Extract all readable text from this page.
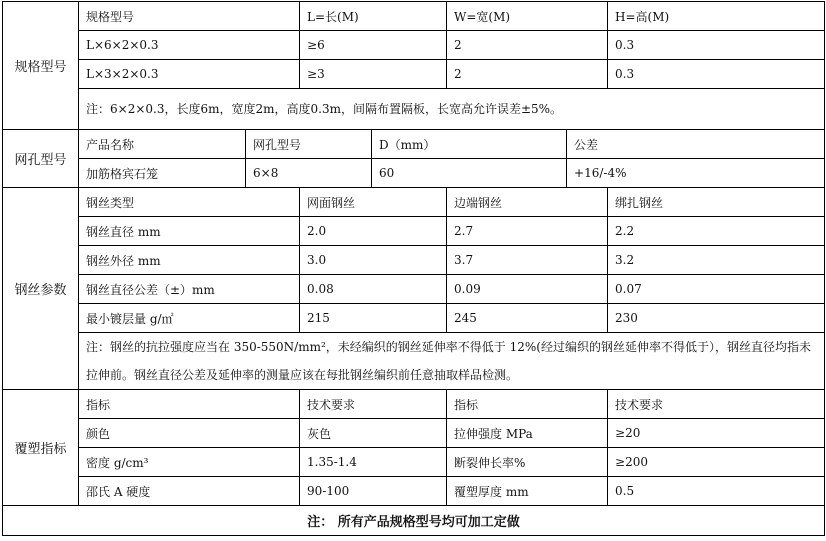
规格型号	规格型号		L=长(M)		W=宽(M)		H=高(M)	
	L×6×2×0.3		≥6		2		0.3	
	L×3×2×0.3		≥3		2		0.3	
	注：6×2×0.3，长度6m，宽度2m，高度0.3m，间隔布置隔板，长宽高允许误差±5%。							
网孔型号	产品名称	网孔型号		D（mm）		公差	
	加筋格宾石笼	6×8		60		+16/-4%	
钢丝参数	钢丝类型		网面钢丝		边端钢丝		绑扎钢丝	
	钢丝直径 mm		2.0		2.7		2.2	
	钢丝外径 mm		3.0		3.7		3.2	
	钢丝直径公差（±）mm		0.08		0.09		0.07	
	最小镀层量 g/㎡		215		245		230	
	注：钢丝的抗拉强度应当在 350-550N/mm²，未经编织的钢丝延伸率不得低于 12%(经过编织的钢丝延伸率不得低于），钢丝直径均指未拉伸前。钢丝直径公差及延伸率的测量应该在每批钢丝编织前任意抽取样品检测。							
覆塑指标	指标		技术要求		指标		技术要求	
	颜色		灰色		拉伸强度 MPa		≥20	
	密度 g/cm³		1.35-1.4		断裂伸长率%		≥200	
	邵氏 A 硬度		90-100		覆塑厚度 mm		0.5	
注： 所有产品规格型号均可加工定做								
